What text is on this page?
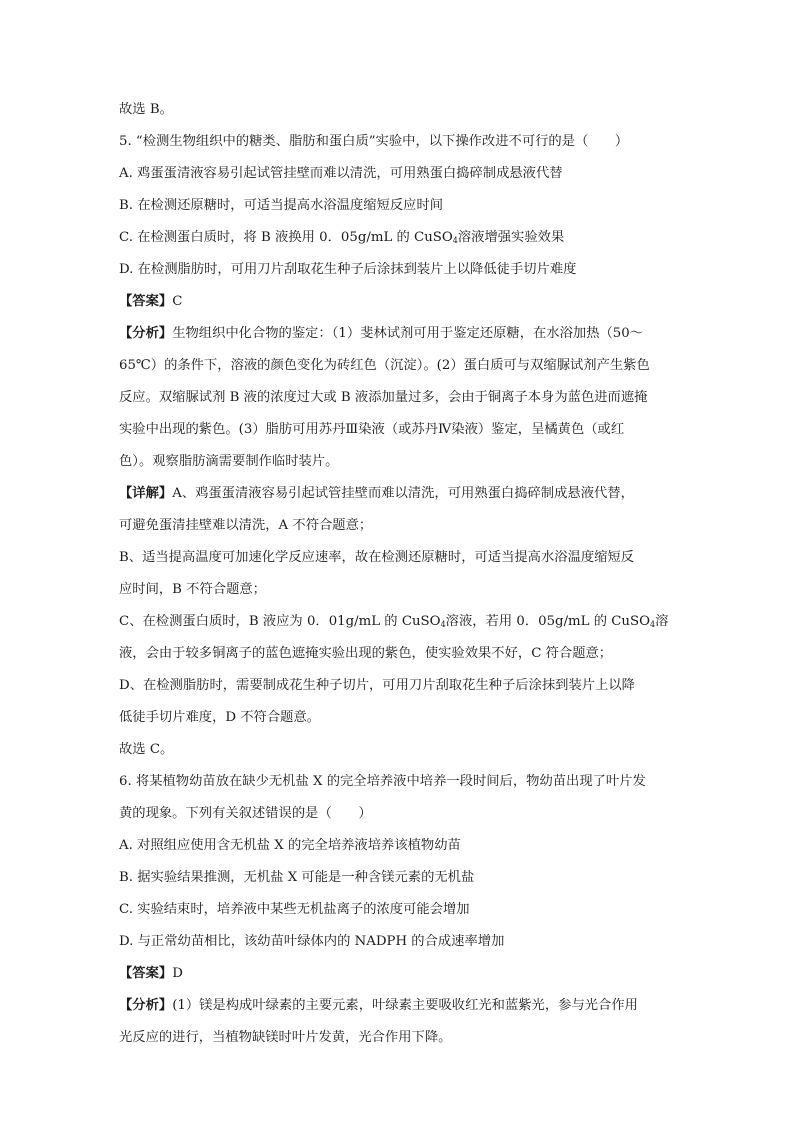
故选 B。
5. “检测生物组织中的糖类、脂肪和蛋白质”实验中，以下操作改进不可行的是（　　）
A. 鸡蛋蛋清液容易引起试管挂壁而难以清洗，可用熟蛋白捣碎制成悬液代替
B. 在检测还原糖时，可适当提高水浴温度缩短反应时间
C. 在检测蛋白质时，将 B 液换用 0．05g/mL 的 CuSO$_4$溶液增强实验效果
D. 在检测脂肪时，可用刀片刮取花生种子后涂抹到装片上以降低徒手切片难度
【答案】C
【分析】生物组织中化合物的鉴定：（1）斐林试剂可用于鉴定还原糖，在水浴加热（50～
65℃）的条件下，溶液的颜色变化为砖红色（沉淀）。(2）蛋白质可与双缩脲试剂产生紫色
反应。双缩脲试剂 B 液的浓度过大或 B 液添加量过多，会由于铜离子本身为蓝色进而遮掩
实验中出现的紫色。(3）脂肪可用苏丹Ⅲ染液（或苏丹Ⅳ染液）鉴定，呈橘黄色（或红
色）。观察脂肪滴需要制作临时装片。
【详解】A、鸡蛋蛋清液容易引起试管挂壁而难以清洗，可用熟蛋白捣碎制成悬液代替，
可避免蛋清挂壁难以清洗，A 不符合题意；
B、适当提高温度可加速化学反应速率，故在检测还原糖时，可适当提高水浴温度缩短反
应时间，B 不符合题意；
C、在检测蛋白质时，B 液应为 0．01g/mL 的 CuSO$_4$溶液，若用 0．05g/mL 的 CuSO$_4$溶
液，会由于较多铜离子的蓝色遮掩实验出现的紫色，使实验效果不好，C 符合题意；
D、在检测脂肪时，需要制成花生种子切片，可用刀片刮取花生种子后涂抹到装片上以降
低徒手切片难度，D 不符合题意。
故选 C。
6. 将某植物幼苗放在缺少无机盐 X 的完全培养液中培养一段时间后，物幼苗出现了叶片发
黄的现象。下列有关叙述错误的是（　　）
A. 对照组应使用含无机盐 X 的完全培养液培养该植物幼苗
B. 据实验结果推测，无机盐 X 可能是一种含镁元素的无机盐
C. 实验结束时，培养液中某些无机盐离子的浓度可能会增加
D. 与正常幼苗相比，该幼苗叶绿体内的 NADPH 的合成速率增加
【答案】D
【分析】(1）镁是构成叶绿素的主要元素，叶绿素主要吸收红光和蓝紫光，参与光合作用
光反应的进行，当植物缺镁时叶片发黄，光合作用下降。
